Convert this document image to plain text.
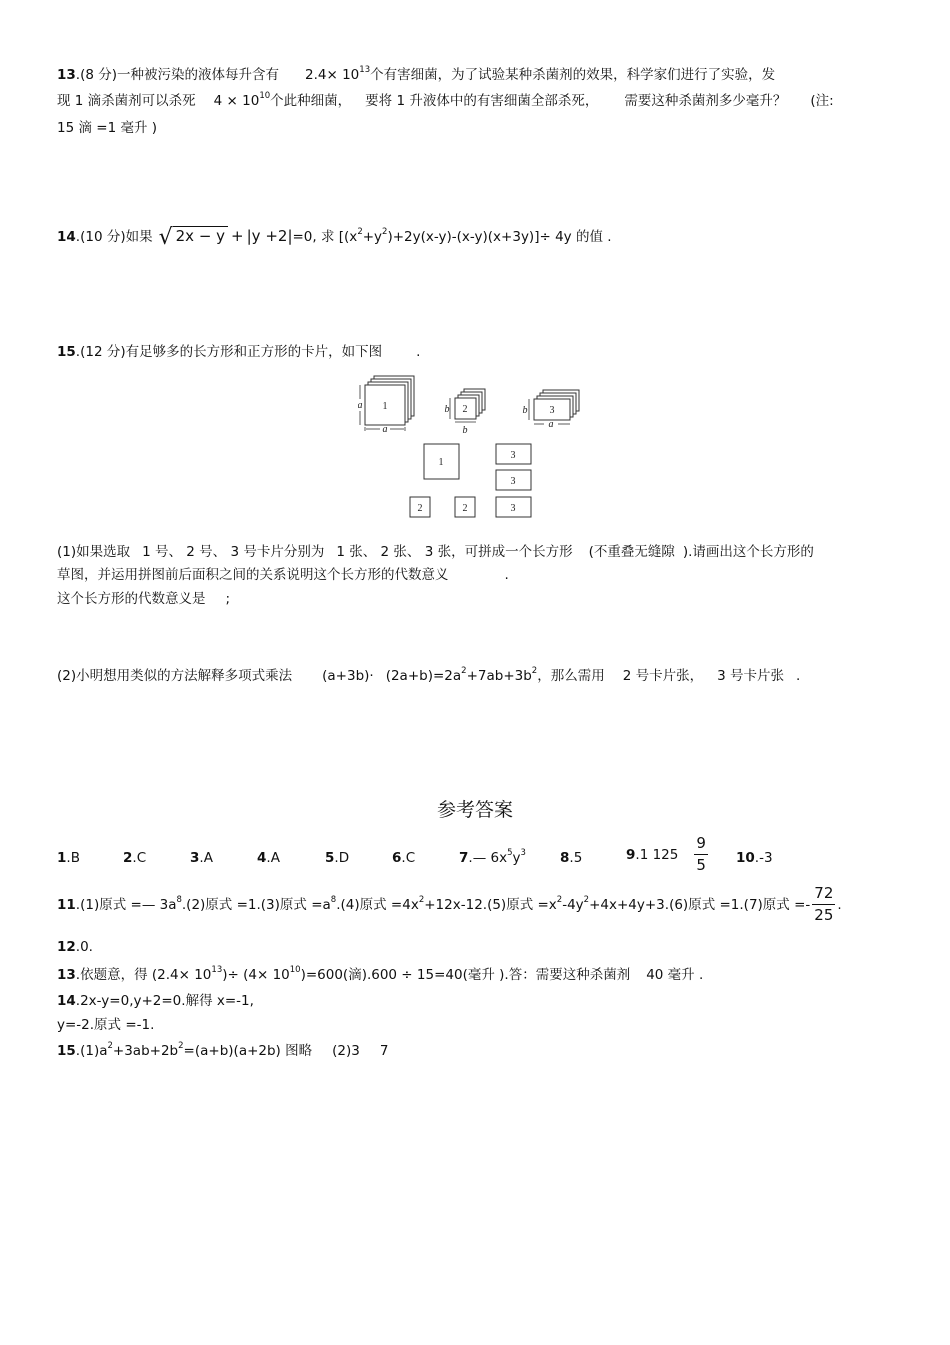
13.(8 分)一种被污染的液体每升含有 $2.4\times 10^{13}$个有害细菌，为了试验某种杀菌剂的效果，科学家们进行了实验，发
现 1 滴杀菌剂可以杀死 $4 \times 10^{10}$个此种细菌， 要将 1 升液体中的有害细菌全部杀死， 需要这种杀菌剂多少毫升？ (注:
15 滴 =1 毫升 )
14.(10 分)如果 √ 2x − y + |y +2|=0, 求 $[(x^2+y^2)+2y(x-y)-(x-y)(x+3y)]\div 4y$ 的值 .
15.(12 分)有足够多的长方形和正方形的卡片，如下图	.
a
a
b
b
a
b
1	2	3
1
3
3
3
2	2
(1)如果选取 1 号、 2 号、 3 号卡片分别为 1 张、 2 张、 3 张，可拼成一个长方形 (不重叠无缝隙 ).请画出这个长方形的
草图，并运用拼图前后面积之间的关系说明这个长方形的代数意义	.
这个长方形的代数意义是 ;
(2)小明想用类似的方法解释多项式乘法 $(a+3b)\cdot (2a+b)=2a^2+7ab+3b^2$，那么需用 2 号卡片张， 3 号卡片张 .
参考答案
1.B	2.C	3.A	4.A	5.D	6.C	7.— $6x^5y^3$	8.5	9.1 $125 \frac{9}{5} 10.-3$
11.(1)原式 =— $3a^8.(2)$原式 =1.(3)原式 $=a^8.(4)$原式 $=4x^2+12x-12.(5)$原式 $=x^2-4y^2+4x+4y+3.(6)$原式 =1.(7)原式 =- $\frac{72}{25}$ .
12.0.
13.依题意，得 $(2.4\times 10^{13})\div (4\times 10^{10})=600$(滴).600 ÷ 15=40(毫升 ).答：需要这种杀菌剂 40 毫升 .
14.2x-y=0,y+2=0.解得 x=-1,
y=-2.原式 =-1.
$15.(1)a^2+3ab+2b^2=(a+b)(a+2b)$ 图略 (2)3 7
